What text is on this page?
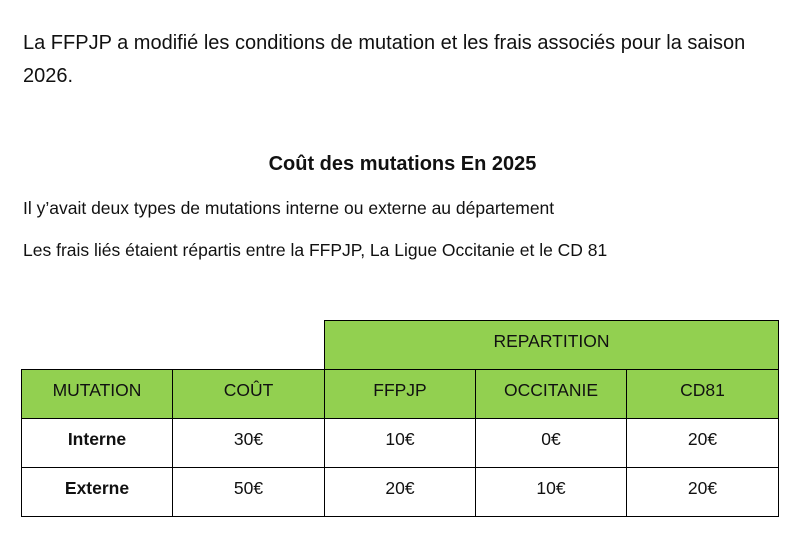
La FFPJP a modifié les conditions de mutation et les frais associés pour la saison 2026.

Coût des mutations En 2025

Il y’avait deux types de mutations interne ou externe au département

Les frais liés étaient répartis entre la FFPJP, La Ligue Occitanie et le CD 81

		REPARTITION		
MUTATION	COÛT	FFPJP	OCCITANIE	CD81
Interne	30€	10€	0€	20€
Externe	50€	20€	10€	20€
